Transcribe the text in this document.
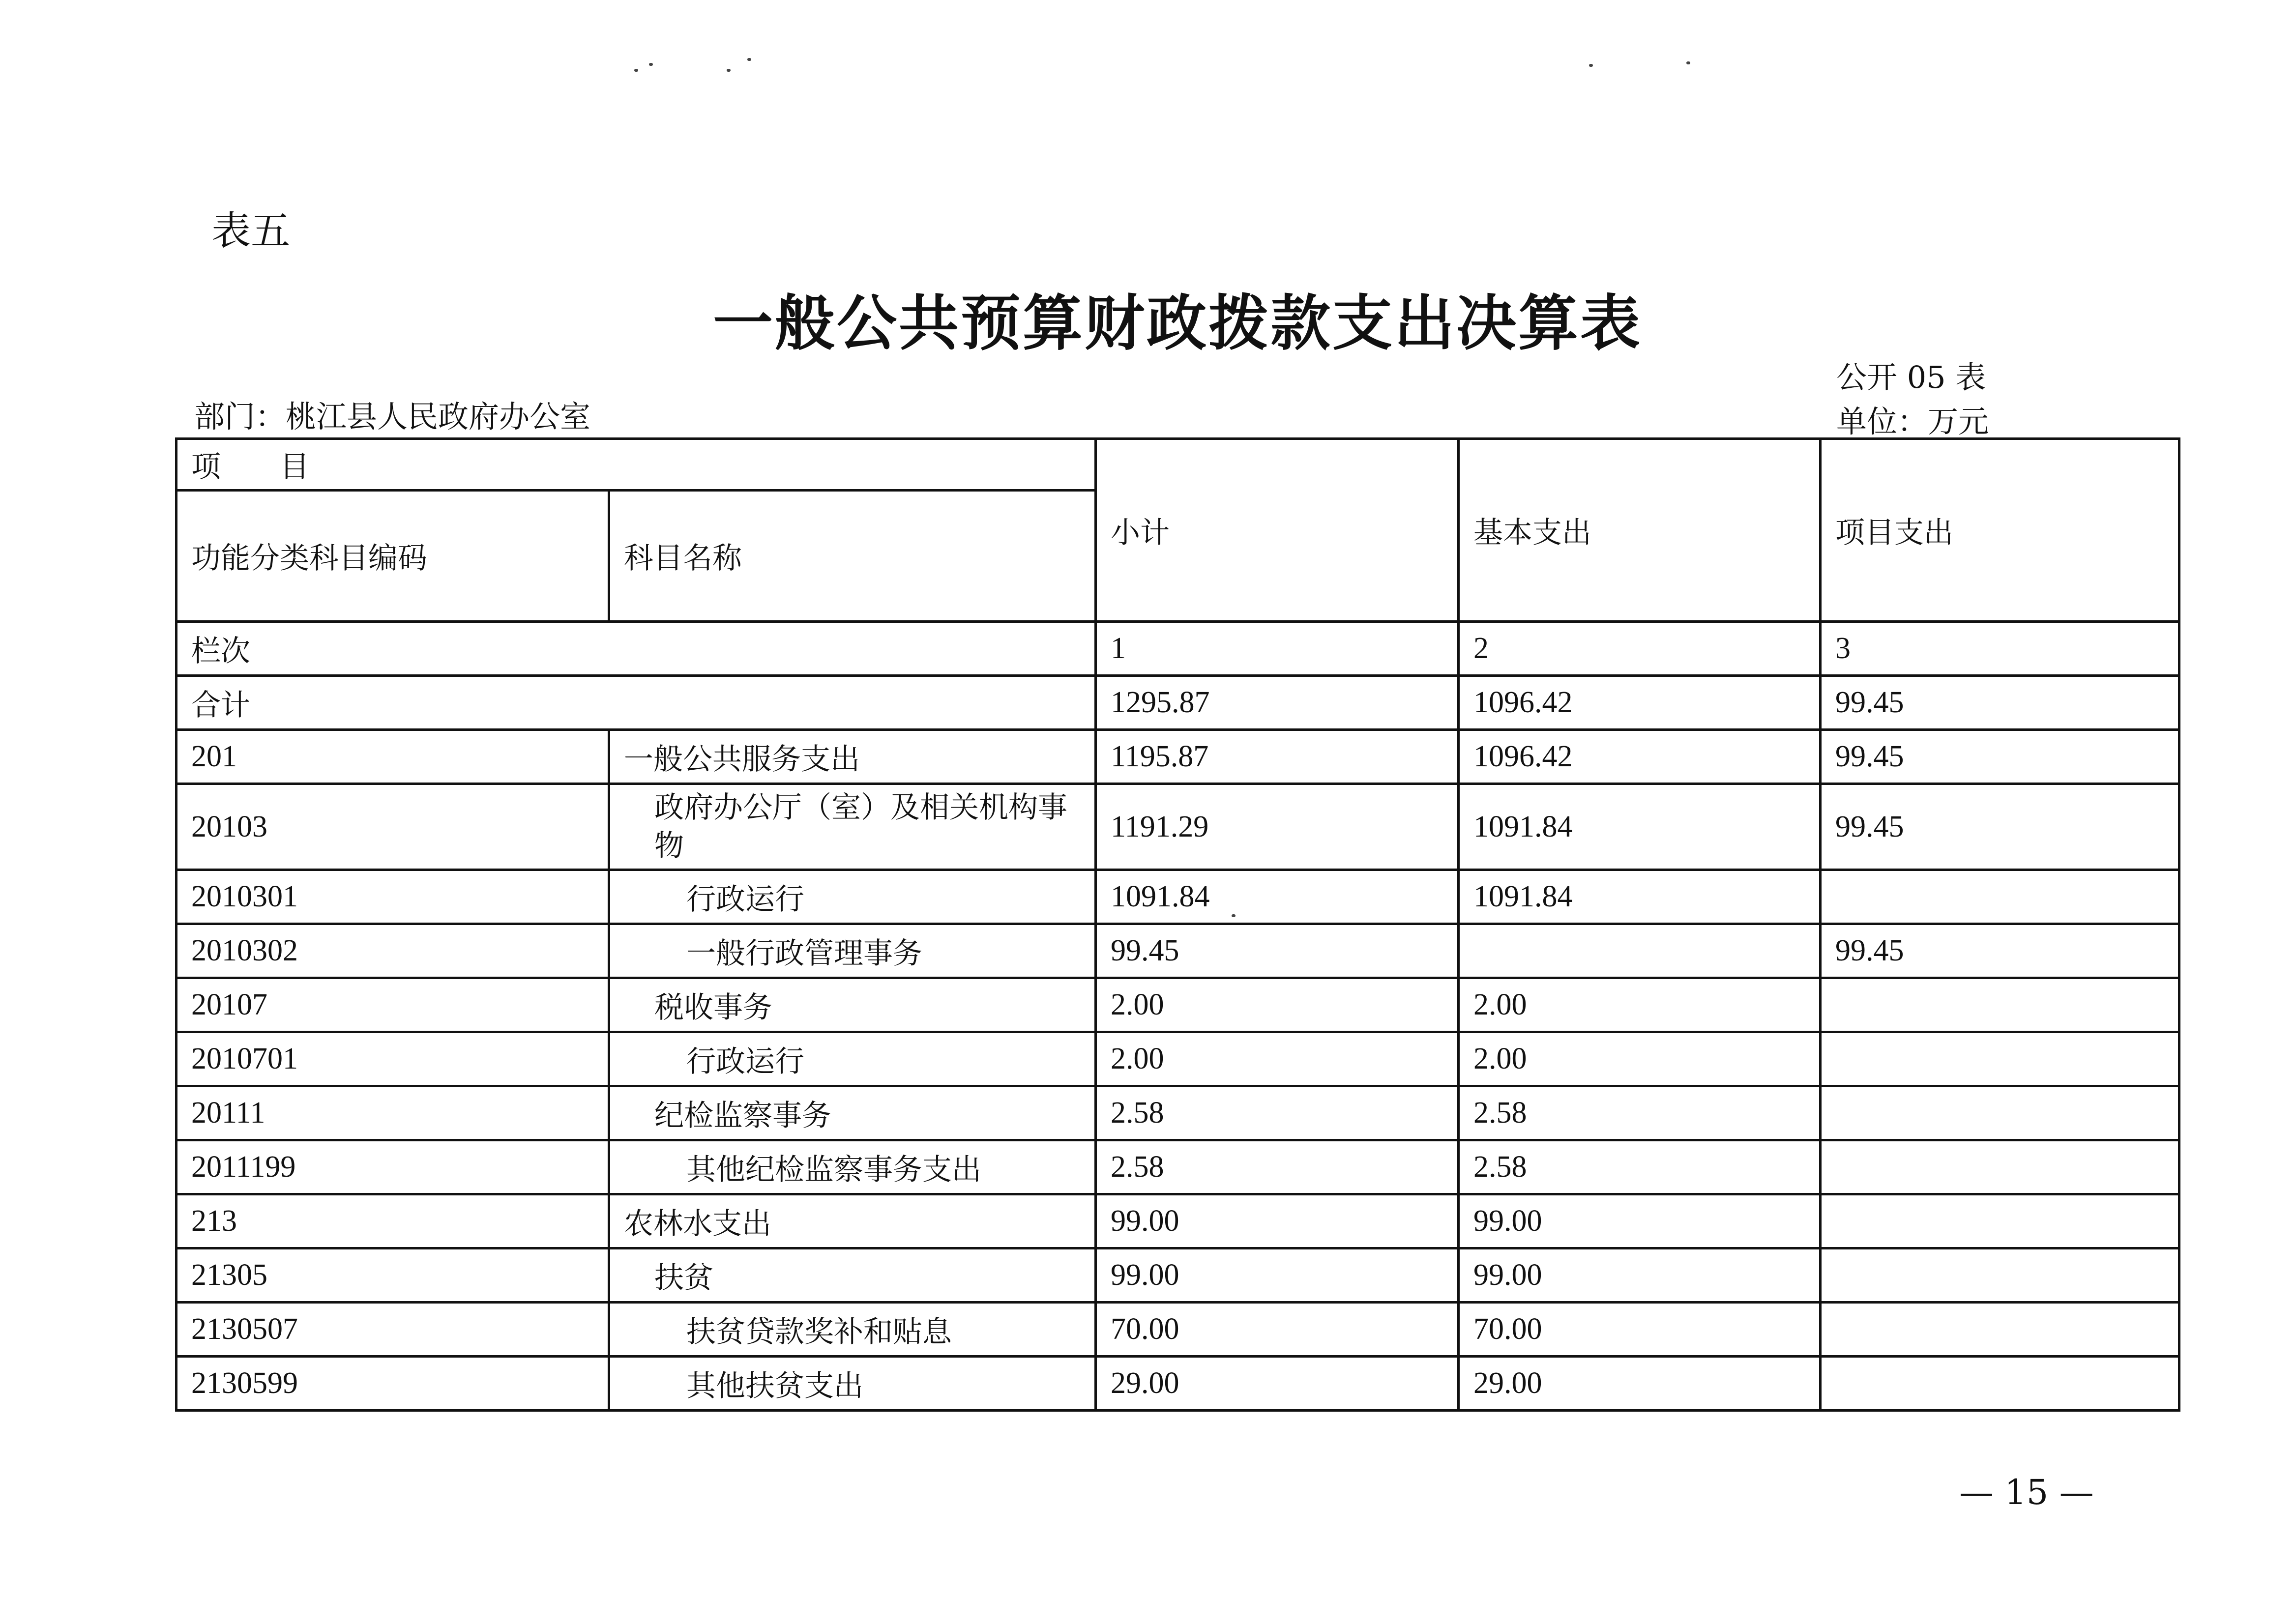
表五
一般公共预算财政拨款支出决算表
公开 05 表
单位：万元
部门：桃江县人民政府办公室
项　　目		小计	基本支出	项目支出
功能分类科目编码	科目名称			
栏次		1	2	3
合计		1295.87	1096.42	99.45
201	一般公共服务支出	1195.87	1096.42	99.45
20103	政府办公厅（室）及相关机构事物	1191.29	1091.84	99.45
2010301	行政运行	1091.84	1091.84	
2010302	一般行政管理事务	99.45		99.45
20107	税收事务	2.00	2.00	
2010701	行政运行	2.00	2.00	
20111	纪检监察事务	2.58	2.58	
2011199	其他纪检监察事务支出	2.58	2.58	
213	农林水支出	99.00	99.00	
21305	扶贫	99.00	99.00	
2130507	扶贫贷款奖补和贴息	70.00	70.00	
2130599	其他扶贫支出	29.00	29.00	
— 15 —
